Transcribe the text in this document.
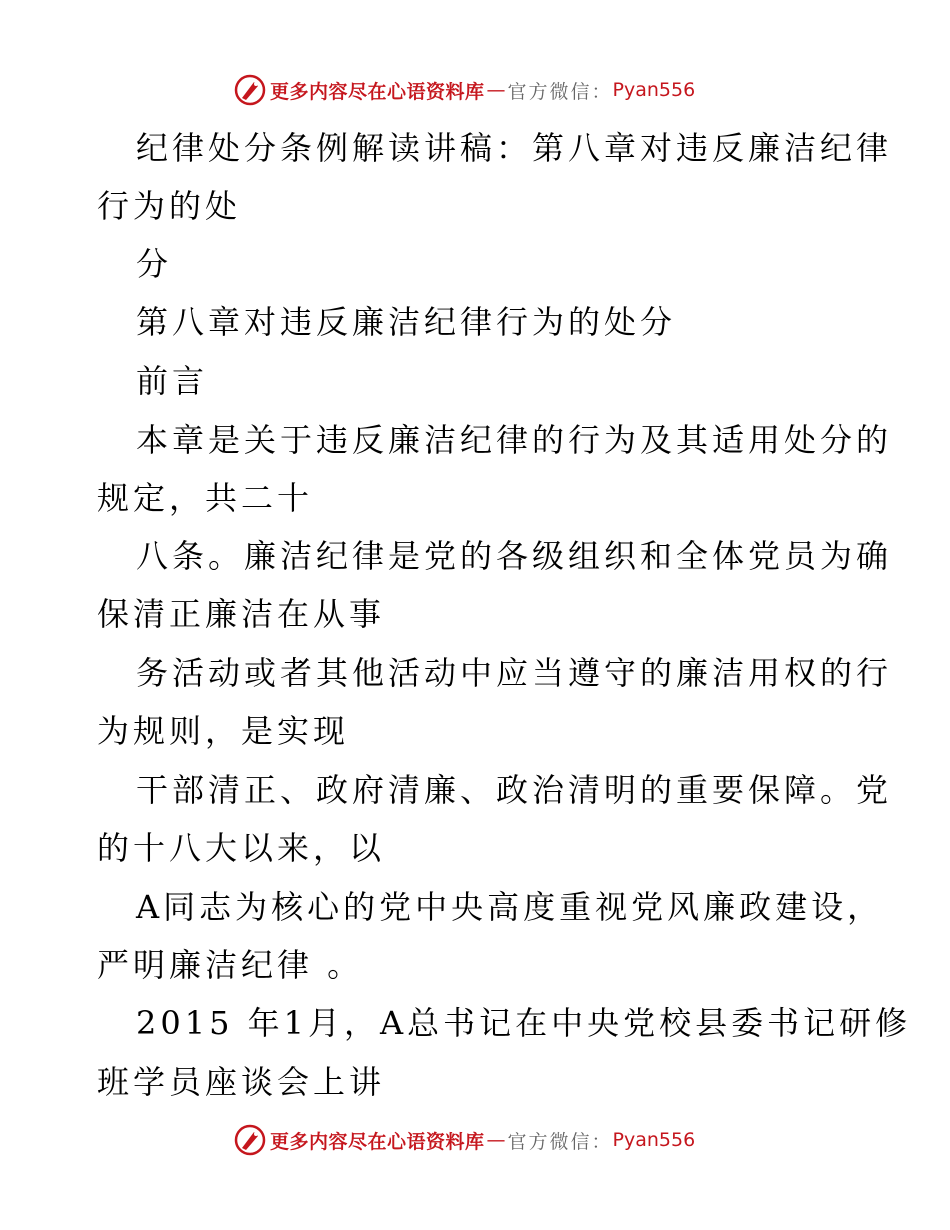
更多内容尽在心语资料库 — 官方微信： Pyan556
纪律处分条例解读讲稿：第八章对违反廉洁纪律
行为的处
分
第八章对违反廉洁纪律行为的处分
前言
本章是关于违反廉洁纪律的行为及其适用处分的
规定，共二十
八条。廉洁纪律是党的各级组织和全体党员为确
保清正廉洁在从事
务活动或者其他活动中应当遵守的廉洁用权的行
为规则，是实现
干部清正、政府清廉、政治清明的重要保障。党
的十八大以来，以
A同志为核心的党中央高度重视党风廉政建设，
严明廉洁纪律 。
2015 年1月，A总书记在中央党校县委书记研修
班学员座谈会上讲
更多内容尽在心语资料库 — 官方微信： Pyan556
